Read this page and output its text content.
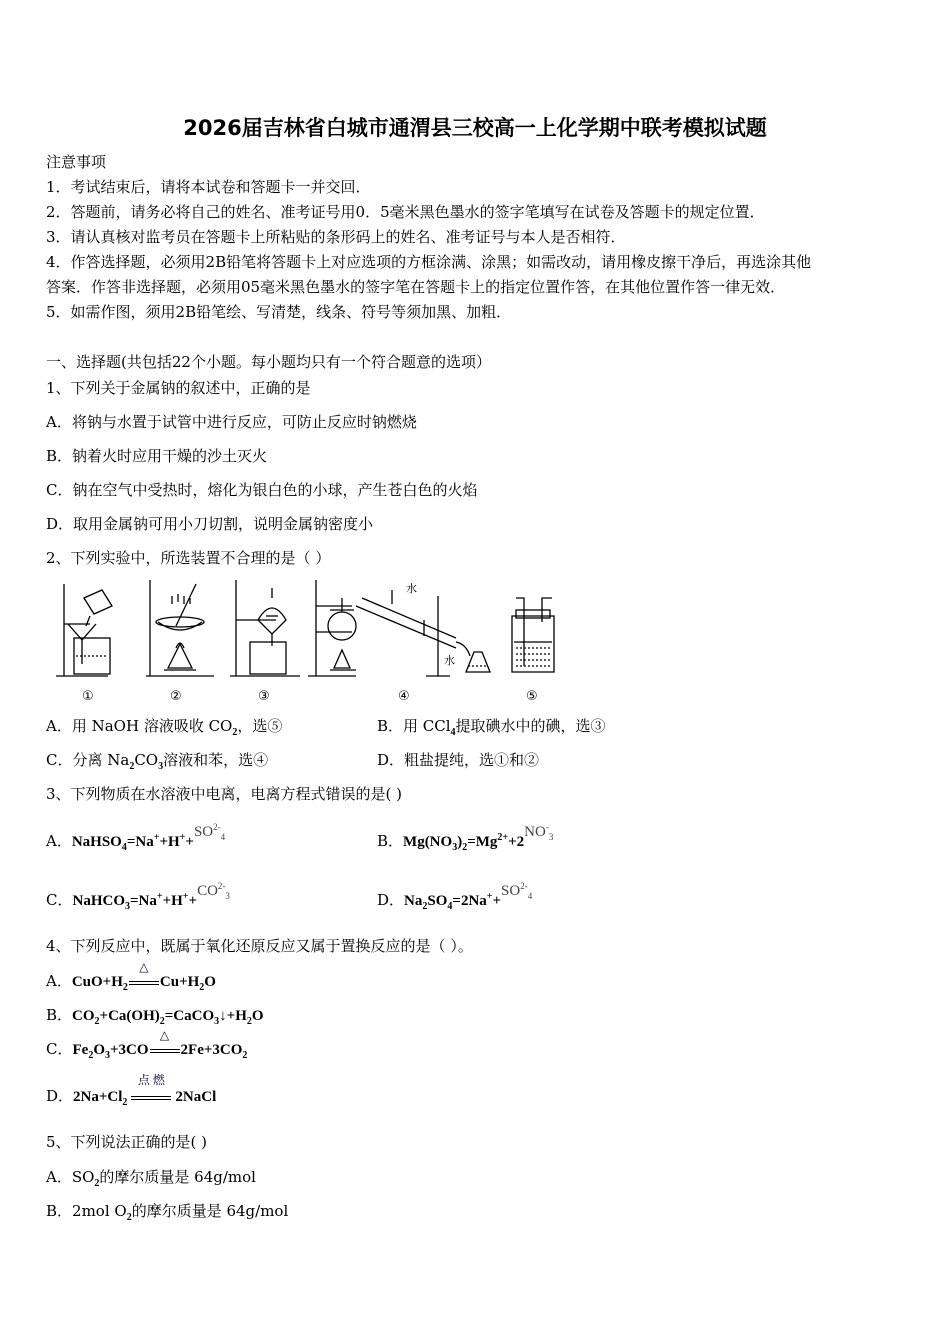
2026届吉林省白城市通渭县三校高一上化学期中联考模拟试题
注意事项
1．考试结束后，请将本试卷和答题卡一并交回．
2．答题前，请务必将自己的姓名、准考证号用0．5毫米黑色墨水的签字笔填写在试卷及答题卡的规定位置．
3．请认真核对监考员在答题卡上所粘贴的条形码上的姓名、准考证号与本人是否相符．
4．作答选择题，必须用2B铅笔将答题卡上对应选项的方框涂满、涂黑；如需改动，请用橡皮擦干净后，再选涂其他
答案．作答非选择题，必须用05毫米黑色墨水的签字笔在答题卡上的指定位置作答，在其他位置作答一律无效．
5．如需作图，须用2B铅笔绘、写清楚，线条、符号等须加黑、加粗．
一、选择题(共包括22个小题。每小题均只有一个符合题意的选项）
1、下列关于金属钠的叙述中，正确的是
A．将钠与水置于试管中进行反应，可防止反应时钠燃烧
B．钠着火时应用干燥的沙土灭火
C．钠在空气中受热时，熔化为银白色的小球，产生苍白色的火焰
D．取用金属钠可用小刀切割，说明金属钠密度小
2、下列实验中，所选装置不合理的是（ ）
水
水
①	②	③	④	⑤
A．用 NaOH 溶液吸收 $CO_2$，选⑤	B．用 CCl$_4$提取碘水中的碘，选③
C．分离 $Na_2CO_3$溶液和苯，选④	D．粗盐提纯，选①和②
3、下列物质在水溶液中电离，电离方程式错误的是( )
A．$NaHSO_4=Na^++H^++SO^{2-}_4$	B．$Mg(NO_3)_2=Mg^{2+}+2NO^-_3$
C．$NaHCO_3=Na^++H^++CO^{2-}_3$	D．$Na_2SO_4=2Na^++SO^{2-}_4$
4、下列反应中，既属于氧化还原反应又属于置换反应的是（ ）。
A．$CuO+H_2$
△
$Cu+H_2O$
B．$CO_2+Ca(OH)_2=CaCO_3↓+H_2O$
C．$Fe_2O_3+3CO$
△
$2Fe+3CO_2$
D．$2Na+Cl_2$
点 燃
2NaCl
5、下列说法正确的是( )
A．$SO_2$的摩尔质量是 64g/mol
B．2mol $O_2$的摩尔质量是 64g/mol
